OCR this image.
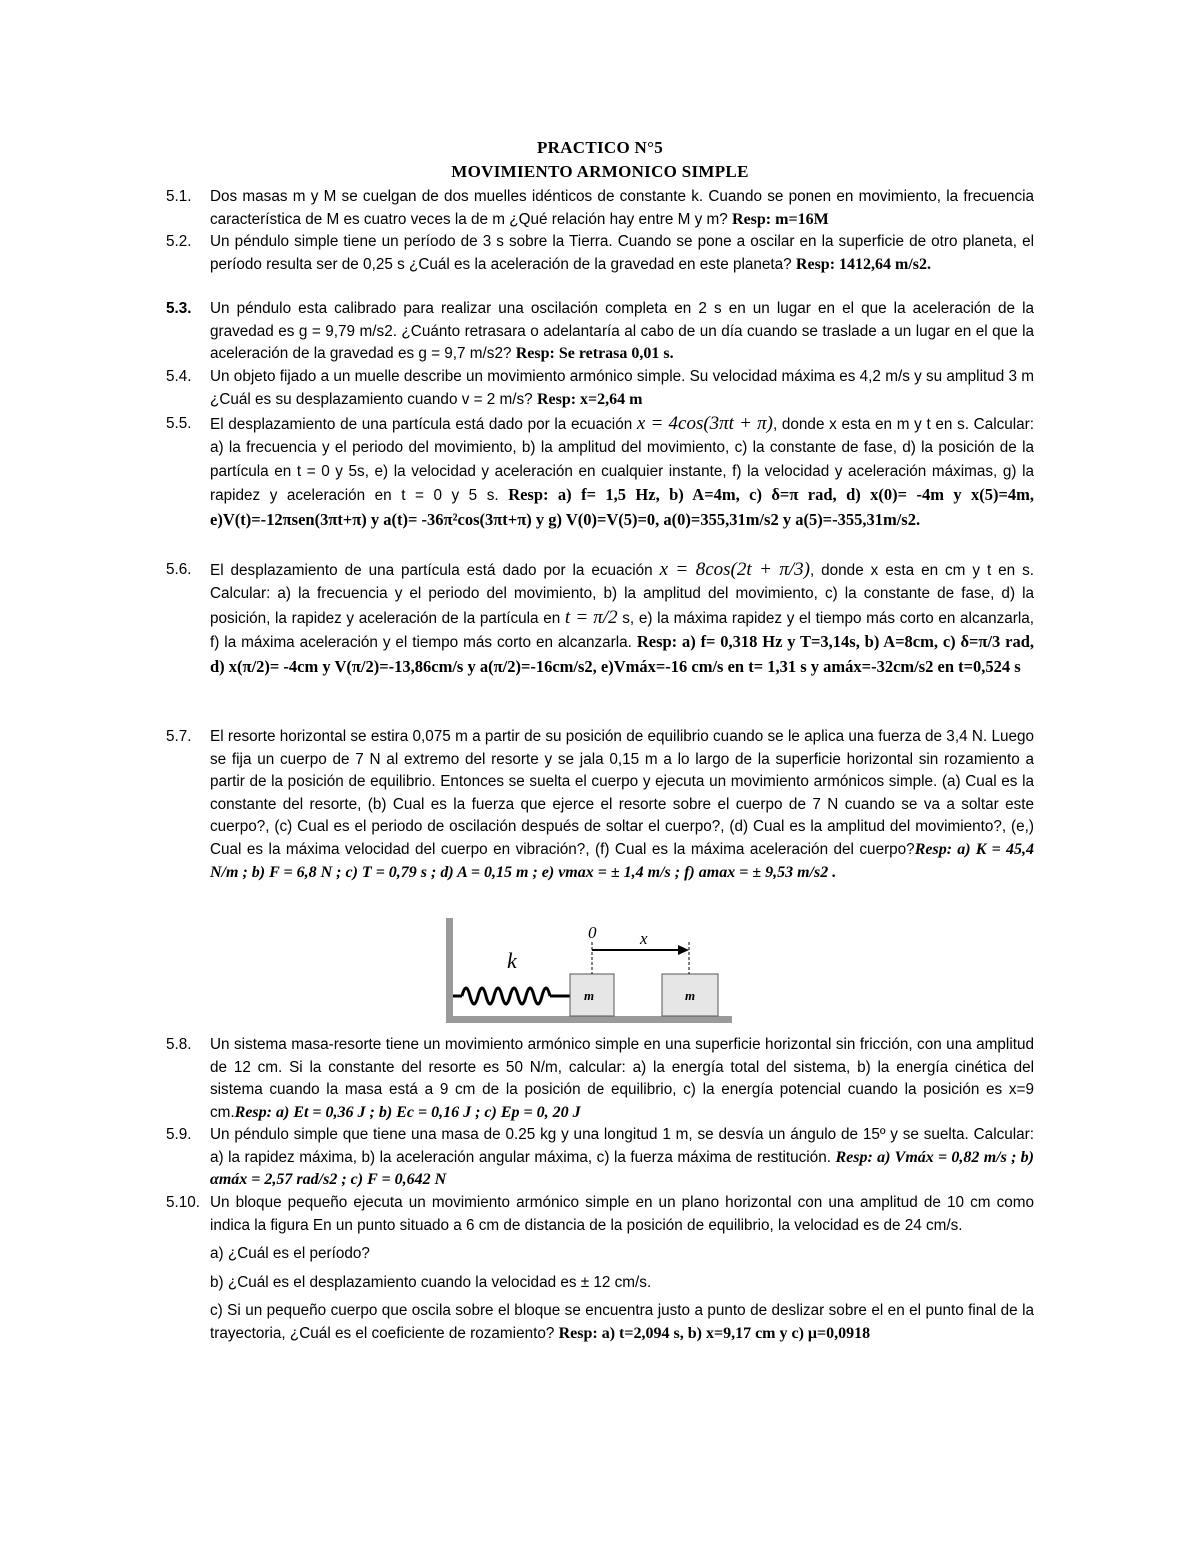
PRACTICO N°5
MOVIMIENTO ARMONICO SIMPLE
5.1. Dos masas m y M se cuelgan de dos muelles idénticos de constante k. Cuando se ponen en movimiento, la frecuencia característica de M es cuatro veces la de m ¿Qué relación hay entre M y m? Resp: m=16M
5.2. Un péndulo simple tiene un período de 3 s sobre la Tierra. Cuando se pone a oscilar en la superficie de otro planeta, el período resulta ser de 0,25 s ¿Cuál es la aceleración de la gravedad en este planeta? Resp: 1412,64 m/s2.
5.3. Un péndulo esta calibrado para realizar una oscilación completa en 2 s en un lugar en el que la aceleración de la gravedad es g = 9,79 m/s2. ¿Cuánto retrasara o adelantaría al cabo de un día cuando se traslade a un lugar en el que la aceleración de la gravedad es g = 9,7 m/s2? Resp: Se retrasa 0,01 s.
5.4. Un objeto fijado a un muelle describe un movimiento armónico simple. Su velocidad máxima es 4,2 m/s y su amplitud 3 m ¿Cuál es su desplazamiento cuando v = 2 m/s? Resp: x=2,64 m
5.5. El desplazamiento de una partícula está dado por la ecuación x = 4cos(3πt + π), donde x esta en m y t en s. Calcular: a) la frecuencia y el periodo del movimiento, b) la amplitud del movimiento, c) la constante de fase, d) la posición de la partícula en t = 0 y 5s, e) la velocidad y aceleración en cualquier instante, f) la velocidad y aceleración máximas, g) la rapidez y aceleración en t = 0 y 5 s. Resp: a) f= 1,5 Hz, b) A=4m, c) δ=π rad, d) x(0)= -4m y x(5)=4m, e)V(t)=-12πsen(3πt+π) y a(t)= -36π²cos(3πt+π) y g) V(0)=V(5)=0, a(0)=355,31m/s2 y a(5)=-355,31m/s2.
5.6. El desplazamiento de una partícula está dado por la ecuación x = 8cos(2t + π/3), donde x esta en cm y t en s. Calcular: a) la frecuencia y el periodo del movimiento, b) la amplitud del movimiento, c) la constante de fase, d) la posición, la rapidez y aceleración de la partícula en t = π/2 s, e) la máxima rapidez y el tiempo más corto en alcanzarla, f) la máxima aceleración y el tiempo más corto en alcanzarla. Resp: a) f= 0,318 Hz y T=3,14s, b) A=8cm, c) δ=π/3 rad, d) x(π/2)= -4cm y V(π/2)=-13,86cm/s y a(π/2)=-16cm/s2, e)Vmáx=-16 cm/s en t= 1,31 s y amáx=-32cm/s2 en t=0,524 s
5.7. El resorte horizontal se estira 0,075 m a partir de su posición de equilibrio cuando se le aplica una fuerza de 3,4 N. Luego se fija un cuerpo de 7 N al extremo del resorte y se jala 0,15 m a lo largo de la superficie horizontal sin rozamiento a partir de la posición de equilibrio. Entonces se suelta el cuerpo y ejecuta un movimiento armónicos simple. (a) Cual es la constante del resorte, (b) Cual es la fuerza que ejerce el resorte sobre el cuerpo de 7 N cuando se va a soltar este cuerpo?, (c) Cual es el periodo de oscilación después de soltar el cuerpo?, (d) Cual es la amplitud del movimiento?, (e,) Cual es la máxima velocidad del cuerpo en vibración?, (f) Cual es la máxima aceleración del cuerpo?Resp: a) K = 45,4 N/m ; b) F = 6,8 N ; c) T = 0,79 s ; d) A = 0,15 m ; e) vmax = ± 1,4 m/s ; f) amax = ± 9,53 m/s2 .
k
m	m
0	x
5.8. Un sistema masa-resorte tiene un movimiento armónico simple en una superficie horizontal sin fricción, con una amplitud de 12 cm. Si la constante del resorte es 50 N/m, calcular: a) la energía total del sistema, b) la energía cinética del sistema cuando la masa está a 9 cm de la posición de equilibrio, c) la energía potencial cuando la posición es x=9 cm.Resp: a) Et = 0,36 J ; b) Ec = 0,16 J ; c) Ep = 0, 20 J
5.9. Un péndulo simple que tiene una masa de 0.25 kg y una longitud 1 m, se desvía un ángulo de 15º y se suelta. Calcular: a) la rapidez máxima, b) la aceleración angular máxima, c) la fuerza máxima de restitución. Resp: a) Vmáx = 0,82 m/s ; b) αmáx = 2,57 rad/s2 ; c) F = 0,642 N
5.10. Un bloque pequeño ejecuta un movimiento armónico simple en un plano horizontal con una amplitud de 10 cm como indica la figura En un punto situado a 6 cm de distancia de la posición de equilibrio, la velocidad es de 24 cm/s.
a) ¿Cuál es el período?
b) ¿Cuál es el desplazamiento cuando la velocidad es ± 12 cm/s.
c) Si un pequeño cuerpo que oscila sobre el bloque se encuentra justo a punto de deslizar sobre el en el punto final de la trayectoria, ¿Cuál es el coeficiente de rozamiento? Resp: a) t=2,094 s, b) x=9,17 cm y c) μ=0,0918
